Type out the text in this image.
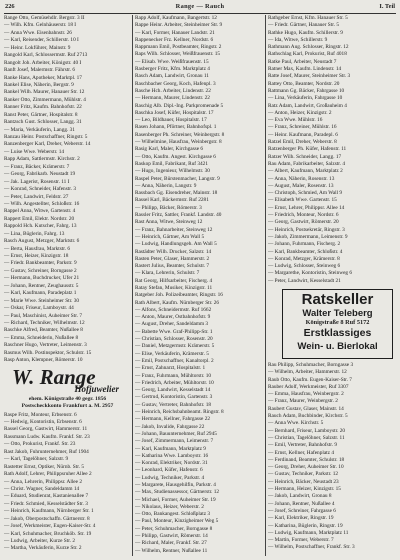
226	Range — Rauch	I. Teil
Range Otto, Gemüsehdlr. Bergstr. 3 II
— Wilh. Kfm. Gelnhäuserstr. 18 I
— Anna Wwe. Eisenbahnstr. 26
— Karl, Reisender, Schillerstr. 10 I
— Heinr. Lokführer, Mainstr. 9
Rangold Karl, Schlossermstr. Ruf 2713
Rangolt Joh. Arbeiter, Königstr. 40 I
Ranft Josef, Malermstr. Fährstr. 6
Ranke Hans, Apotheker, Marktpl. 17
Rankel Elise, Näherin, Bergstr. 9
Rankel Wilh. Maurer, Hanauer Str. 12
Ranker Otto, Zimmermann, Mühlstr. 4
Ranner Fritz, Kaufm. Bahnhofstr. 22
Ranst Peter, Gärtner, Hospitalstr. 8
Rantzsch Gust. Schlosser, Langg. 31
— Maria, Verkäuferin, Langg. 31
Ranzau Heinr. Postschaffner, Ringstr. 5
Ranzenberger Karl, Dreher, Weberstr. 14
— Luise Wwe. Weberstr. 14
Rapp Adam, Sattlermstr. Kirchstr. 2
— Franz, Bäcker, Krämerstr. 7
— Georg, Fabrikarb. Neustadt 19
— Jak. Lagerist, Rosenstr. 11 I
— Konrad, Schneider, Hafenstr. 3
— Peter, Landwirt, Feldstr. 27
— Wilh. Angestellter, Schloßstr. 16
Rappel Anna, Witwe, Gartenstr. 4
Rappert Emil, Elektr. Nordstr. 20
Rappold Hch. Kutscher, Fahrg. 13
— Lina, Büglerin, Fahrg. 13
Rasch August, Metzger, Marktstr. 6
— Berta, Hausfrau, Marktstr. 6
— Ernst, Heizer, Kinzigstr. 18
— Friedr. Bankbeamter, Parkstr. 9
— Gustav, Schreiner, Borngasse 2
— Hermann, Buchdrucker, Ufer 21
— Johann, Rentner, Zeughausstr. 5
— Karl, Kaufmann, Paradeplatz 1
— Marie Wwe. Steinheimer Str. 30
— Oskar, Friseur, Lamboystr. 44
— Paul, Maschinist, Auheimer Str. 7
— Richard, Techniker, Wilhelmstr. 12
Raschke Alfred, Beamter, Nußallee 8
— Emma, Schneiderin, Nußallee 8
Raschner Hugo, Vertreter, Leimenstr. 3
Rasmus Wilh. Postinspektor, Schulstr. 15
Rasp Anton, Klempner, Römerstr. 10
W. Range
Hofjuwelier
ehem. Königstraße 40 gegr. 1856
Postscheckkonto Frankfurt a. M. 2957
Raspe Fritz, Monteur, Erbsenstr. 6
— Hedwig, Kontoristin, Erbsenstr. 6
Rassel Georg, Gastwirt, Hammerstr. 11
Rassmann Ludw. Kaufm. Frankf. Str. 23
— Otto, Prokurist, Frankf. Str. 23
Rast Jakob, Fuhrunternehmer, Ruf 1904
— Karl, Tagelöhner, Salzstr. 9
Rastetter Ernst, Optiker, Nürnb. Str. 5
Rath Adolf, Lehrer, Philippsruher Allee 2
— Anna, Lehrerin, Philippsr. Allee 2
— Christ. Wagner, Sandeldamm 14
— Eduard, Studienrat, Kastanienallee 7
— Friedr. Schmied, Kesselstädter Str. 3
— Heinrich, Kaufmann, Nürnberger Str. 1
— Jakob, Oberpostschaffn. Gärtnerstr. 8
— Josef, Werkmeister, Eugen-Kaiser-Str. 4
— Karl, Schuhmacher, Bruchköb. Str. 19
— Ludwig, Arbeiter, Kurze Str. 2
— Martha, Verkäuferin, Kurze Str. 2
Rapp Adolf, Kaufmann, Bangertstr. 12
Rappe Heinr. Arbeiter, Steinheimer Str. 9
— Karl, Former, Hanauer Landstr. 21
Rappenecker Frz. Kellner, Nordstr. 6
Rappmann Emil, Postbeamter, Ringstr. 2
Raps Wilh. Schlosser, Weißfrauenstr. 15
— Elisab. Wwe. Weißfrauenstr. 15
Rasberger Fritz, Kfm. Marktplatz 4
Rasch Adam, Landwirt, Gronau 11
Raschbacher Georg, Koch, Hafenpl. 3
Rasche Hch. Arbeiter, Lindenstr. 22
— Hermann, Maurer, Lindenstr. 22
Raschig Alb. Dipl.-Ing. Parkpromenade 5
Raschka Josef, Küfer, Hospitalstr. 17
— Leo, Bildhauer, Hospitalstr. 17
Rasen Johann, Pförtner, Bahnhofspl. 1
Rasenberger Ph. Schreiner, Weinbergstr. 8
— Wilhelmine, Hausfrau, Weinbergstr. 8
Rasig Karl, Maler, Kirchgasse 6
— Otto, Kaufm. Angest. Kirchgasse 6
Raskop Emil, Fabrikant, Ruf 3421
— Hugo, Ingenieur, Wilhelmstr. 30
Raspel Peter, Bürstenmacher, Langstr. 9
— Anna, Näherin, Langstr. 9
Rassbach Gg. Eisendreher, Mainstr. 18
Rassel Karl, Bäckermstr. Ruf 2281
— Philipp, Bäcker, Römerstr. 3
Rassler Fritz, Sattler, Frankf. Landstr. 40
Rast Anna, Witwe, Steinweg 12
— Franz, Bahnarbeiter, Steinweg 12
— Heinrich, Gärtner, Am Wall 5
— Ludwig, Handlungsgeh. Am Wall 5
Rastädter Wilh. Drucker, Salzstr. 14
Rasten Peter, Glaser, Hammerstr. 2
Rastert Julius, Beamter, Schulstr. 7
— Klara, Lehrerin, Schulstr. 7
Rat Georg, Hilfsarbeiter, Fischerg. 4
Ratay Stefan, Musiker, Kinzigstr. 11
Ratgeber Joh. Polizeibeamter, Ringstr. 16
Rath Albert, Kaufm. Nürnberger Str. 26
— Alfons, Schneidermstr. Ruf 1662
— Anton, Maurer, Ostbahnhofstr. 9
— August, Dreher, Sandeldamm 3
— Babette Wwe. Graf-Philipp-Str. 1
— Christian, Schlosser, Rosenstr. 20
— Daniel, Metzgermstr. Krämerstr. 5
— Elise, Verkäuferin, Krämerstr. 5
— Emil, Postschaffner, Kanaltorpl. 2
— Ernst, Zahnarzt, Hospitalstr. 1
— Franz, Fuhrmann, Mühltorstr. 10
— Friedrich, Arbeiter, Mühltorstr. 10
— Georg, Landwirt, Kesselstadt 14
— Gertrud, Kontoristin, Gartenstr. 3
— Gustav, Vertreter, Bahnhofstr. 18
— Heinrich, Reichsbahnbeamt. Ringstr. 8
— Hermann, Kellner, Fahrgasse 22
— Jakob, Invalide, Fahrgasse 22
— Johann, Bauunternehmer, Ruf 2945
— Josef, Zimmermann, Leimenstr. 7
— Karl, Kaufmann, Marktplatz 9
— Katharina Wwe. Lamboystr. 16
— Konrad, Elektriker, Nordstr. 31
— Leonhard, Küfer, Hafenstr. 6
— Ludwig, Techniker, Parkstr. 4
— Margarete, Hausgehilfin, Parkstr. 4
— Max, Studienassessor, Gärtnerstr. 12
— Michael, Former, Auheimer Str. 19
— Nikolaus, Heizer, Weberstr. 2
— Otto, Bankangest. Schloßplatz 3
— Paul, Monteur, Kinzigheimer Weg 5
— Peter, Schuhmacher, Borngasse 8
— Philipp, Gastwirt, Römerstr. 14
— Richard, Maler, Frankf. Str. 27
— Wilhelm, Rentner, Nußallee 11
Rathgeber Ernst, Kfm. Hanauer Str. 5
— Friedr. Gärtner, Hanauer Str. 5
Rathke Hugo, Kaufm. Schillerstr. 9
— Ida, Witwe, Schillerstr. 9
Rathmann Aug. Schlosser, Ringstr. 12
Rathschlag Karl, Prokurist, Ruf 4018
Ratke Paul, Arbeiter, Neustadt 7
Ratner Max, Kaufm. Lindenstr. 14
Ratte Josef, Maurer, Steinheimer Str. 3
Rattey Otto, Beamter, Nordstr. 20
Rattmann Gg. Bäcker, Fahrgasse 10
— Lina, Verkäuferin, Fahrgasse 10
Ratz Adam, Landwirt, Großauheim 4
— Anton, Heizer, Kinzigstr. 2
— Eva Wwe. Mühlstr. 16
— Franz, Schreiner, Mühlstr. 16
— Heinr. Kaufmann, Paradepl. 6
Ratzel Emil, Dreher, Weberstr. 8
Ratzenberger Ph. Küfer, Hafenstr. 11
Ratzer Wilh. Schneider, Langg. 17
Rau Adam, Fabrikarbeiter, Salzstr. 4
— Albert, Kaufmann, Marktplatz 2
— Anna, Näherin, Rosenstr. 13
— August, Maler, Rosenstr. 13
— Christoph, Schmied, Am Wall 9
— Elisabeth Wwe. Gartenstr. 15
— Ernst, Lehrer, Philippsr. Allee 14
— Friedrich, Monteur, Nordstr. 6
— Georg, Gastwirt, Römerstr. 20
— Heinrich, Postsekretär, Ringstr. 3
— Jakob, Zimmermann, Leimenstr. 9
— Johann, Fuhrmann, Fischerg. 2
— Karl, Bankbeamter, Schloßstr. 4
— Konrad, Metzger, Krämerstr. 8
— Ludwig, Schlosser, Steinweg 6
— Margarethe, Kontoristin, Steinweg 6
— Peter, Landwirt, Kesselstadt 21
Ratskeller
Walter Teleberg
Königstraße 8 Ruf 5172
Erstklassiges
Wein- u. Bierlokal
Rau Philipp, Schuhmacher, Borngasse 3
— Wilhelm, Arbeiter, Hammerstr. 12
Raub Otto, Kaufm. Eugen-Kaiser-Str. 7
Rauber Adolf, Werkmeister, Ruf 3307
— Emma, Hausfrau, Weinbergstr. 2
— Franz, Maurer, Weinbergstr. 2
Raubert Gustav, Glaser, Mainstr. 14
Rauch Adam, Buchbinder, Kirchstr. 5
— Anna Wwe. Kirchstr. 5
— Bernhard, Friseur, Lamboystr. 20
— Christian, Tagelöhner, Salzstr. 11
— Emil, Vertreter, Bahnhofstr. 9
— Ernst, Kellner, Hafenplatz 4
— Ferdinand, Beamter, Schulstr. 18
— Georg, Dreher, Auheimer Str. 10
— Gustav, Techniker, Parkstr. 12
— Heinrich, Bäcker, Neustadt 23
— Hermann, Heizer, Kinzigstr. 15
— Jakob, Landwirt, Gronau 8
— Johann, Rentner, Nußallee 4
— Josef, Schreiner, Fahrgasse 6
— Karl, Elektriker, Ringstr. 19
— Katharina, Büglerin, Ringstr. 19
— Ludwig, Kaufmann, Marktplatz 11
— Martin, Former, Weberstr. 7
— Wilhelm, Postschaffner, Frankf. Str. 3
